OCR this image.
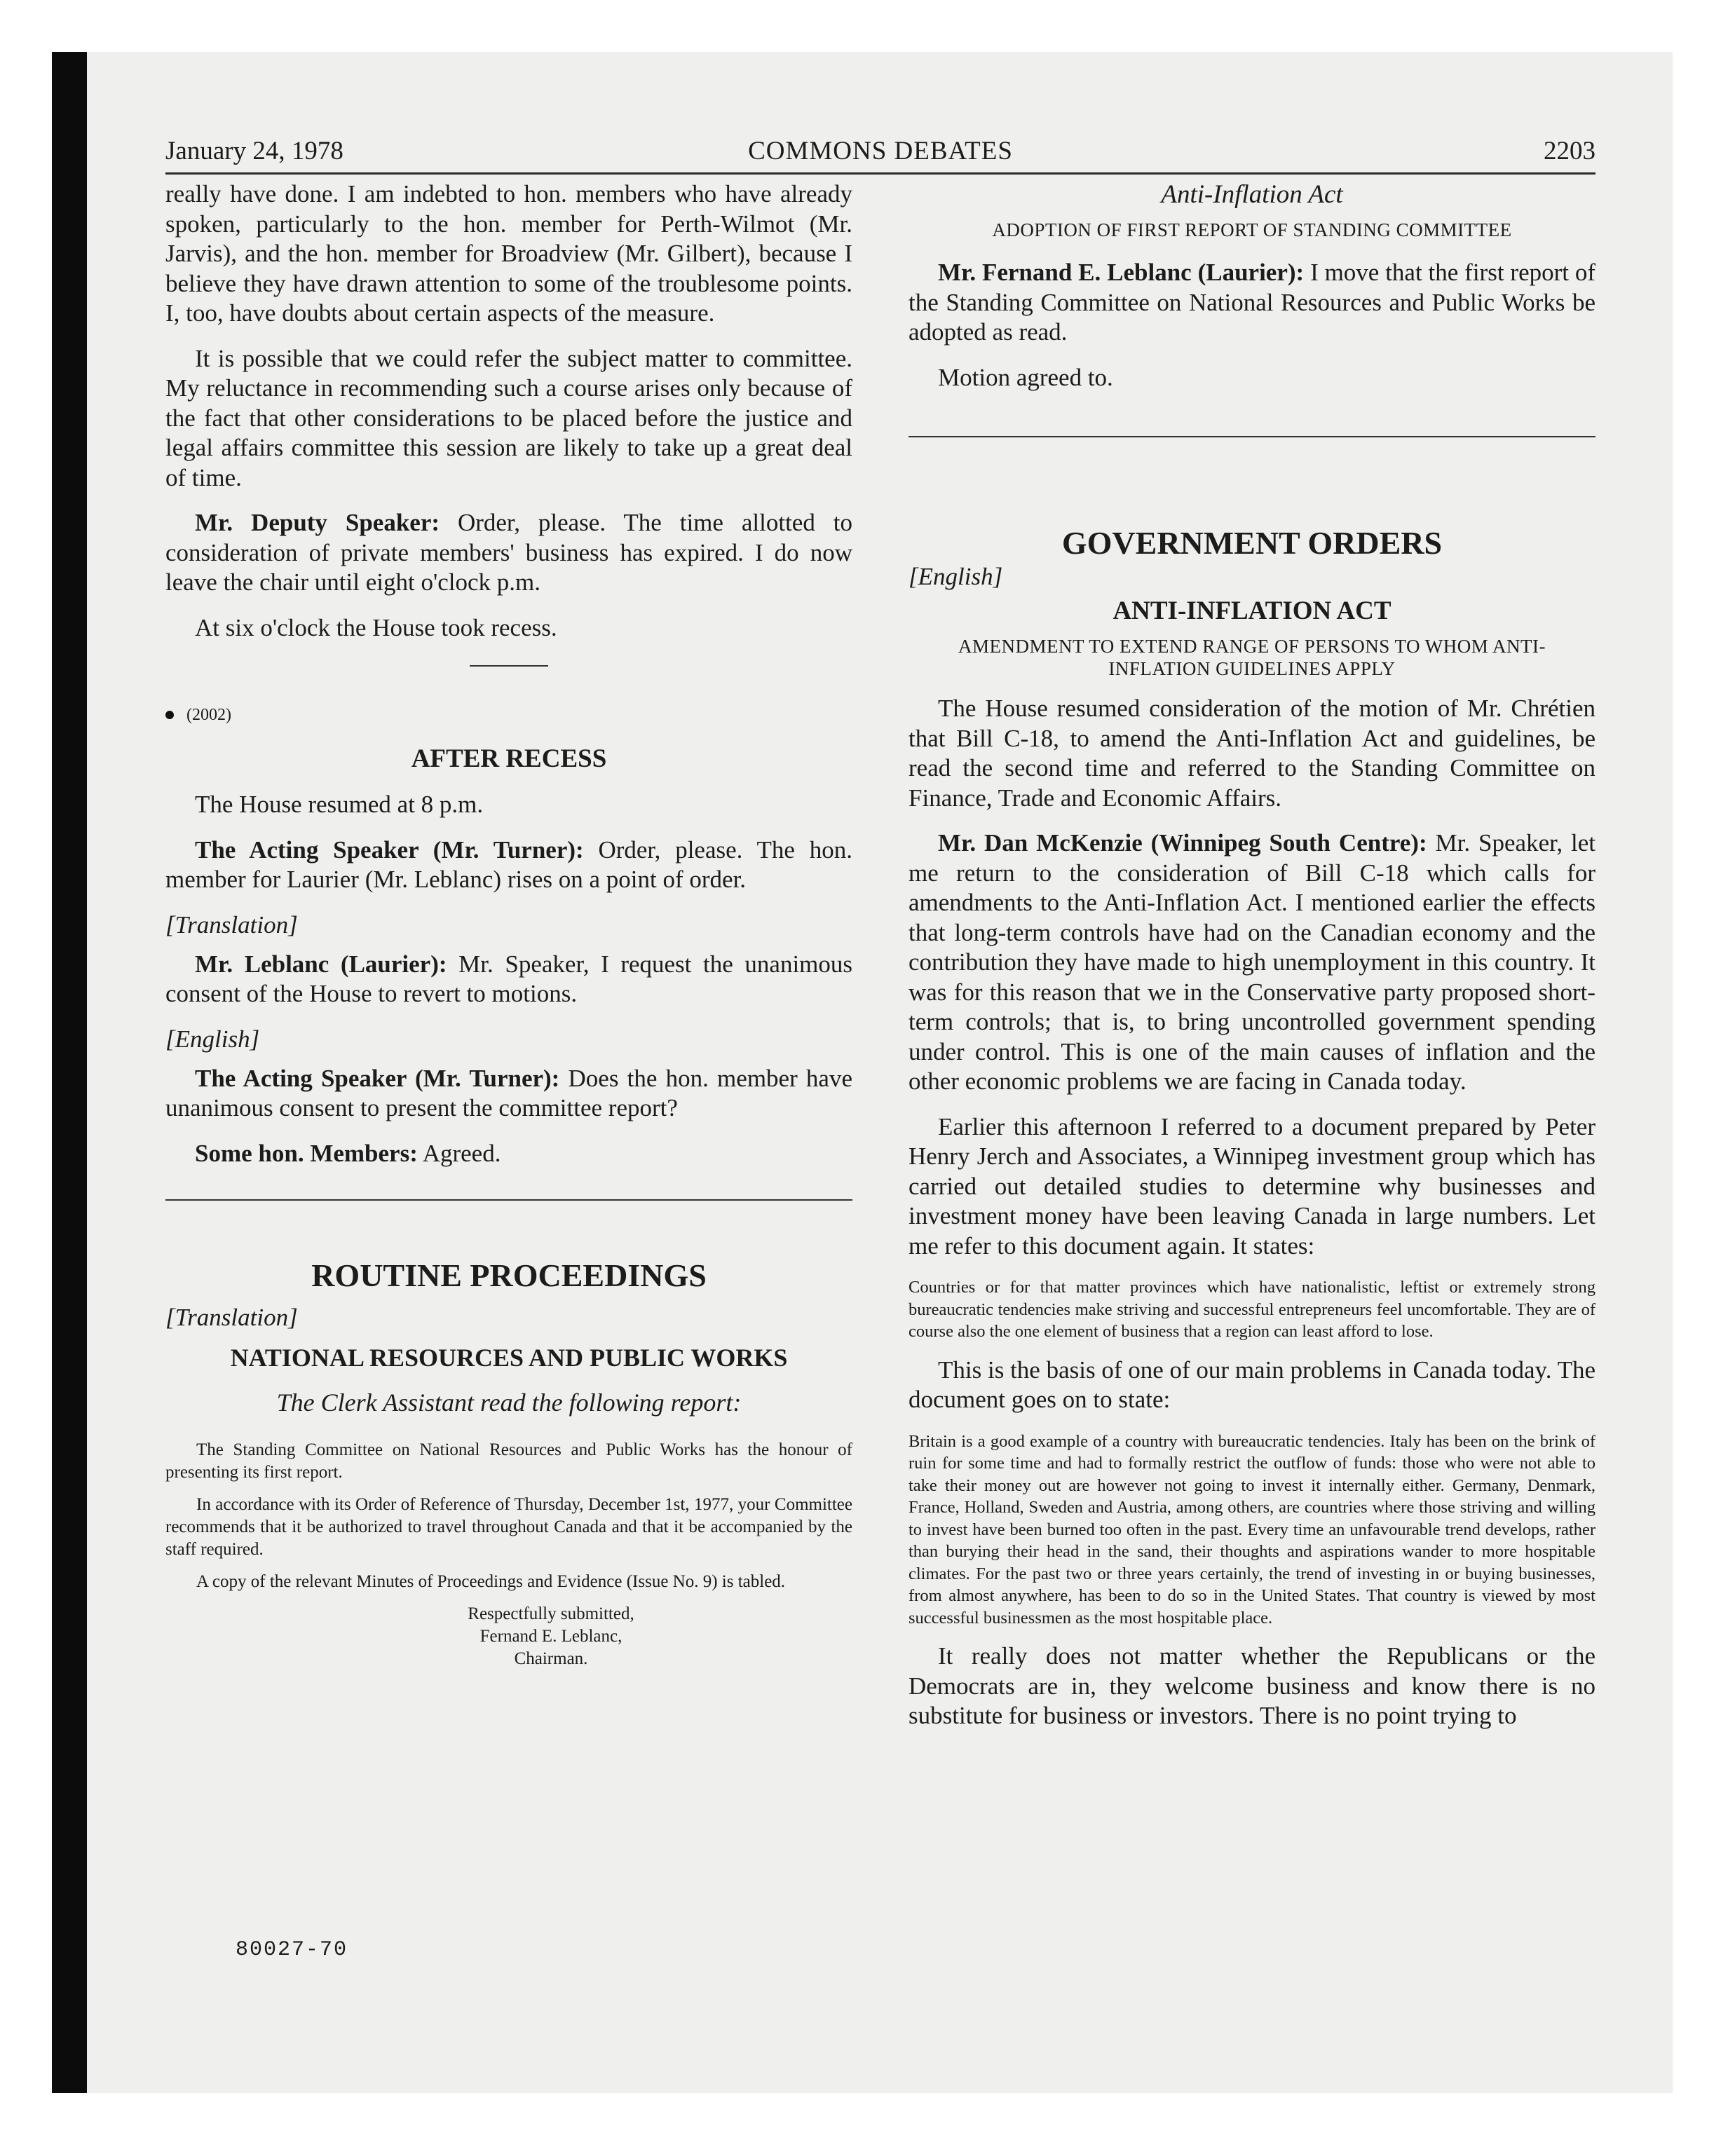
January 24, 1978	COMMONS DEBATES	2203

really have done. I am indebted to hon. members who have already spoken, particularly to the hon. member for Perth-Wilmot (Mr. Jarvis), and the hon. member for Broadview (Mr. Gilbert), because I believe they have drawn attention to some of the troublesome points. I, too, have doubts about certain aspects of the measure.

It is possible that we could refer the subject matter to committee. My reluctance in recommending such a course arises only because of the fact that other considerations to be placed before the justice and legal affairs committee this session are likely to take up a great deal of time.

Mr. Deputy Speaker: Order, please. The time allotted to consideration of private members' business has expired. I do now leave the chair until eight o'clock p.m.

At six o'clock the House took recess.

(2002)

AFTER RECESS

The House resumed at 8 p.m.

The Acting Speaker (Mr. Turner): Order, please. The hon. member for Laurier (Mr. Leblanc) rises on a point of order.

[Translation]

Mr. Leblanc (Laurier): Mr. Speaker, I request the unanimous consent of the House to revert to motions.

[English]

The Acting Speaker (Mr. Turner): Does the hon. member have unanimous consent to present the committee report?

Some hon. Members: Agreed.

ROUTINE PROCEEDINGS

[Translation]

NATIONAL RESOURCES AND PUBLIC WORKS

The Clerk Assistant read the following report:

The Standing Committee on National Resources and Public Works has the honour of presenting its first report.

In accordance with its Order of Reference of Thursday, December 1st, 1977, your Committee recommends that it be authorized to travel throughout Canada and that it be accompanied by the staff required.

A copy of the relevant Minutes of Proceedings and Evidence (Issue No. 9) is tabled.

Respectfully submitted,
Fernand E. Leblanc,
Chairman.

Anti-Inflation Act

ADOPTION OF FIRST REPORT OF STANDING COMMITTEE

Mr. Fernand E. Leblanc (Laurier): I move that the first report of the Standing Committee on National Resources and Public Works be adopted as read.

Motion agreed to.

GOVERNMENT ORDERS

[English]

ANTI-INFLATION ACT

AMENDMENT TO EXTEND RANGE OF PERSONS TO WHOM ANTI-INFLATION GUIDELINES APPLY

The House resumed consideration of the motion of Mr. Chrétien that Bill C-18, to amend the Anti-Inflation Act and guidelines, be read the second time and referred to the Standing Committee on Finance, Trade and Economic Affairs.

Mr. Dan McKenzie (Winnipeg South Centre): Mr. Speaker, let me return to the consideration of Bill C-18 which calls for amendments to the Anti-Inflation Act. I mentioned earlier the effects that long-term controls have had on the Canadian economy and the contribution they have made to high unemployment in this country. It was for this reason that we in the Conservative party proposed short-term controls; that is, to bring uncontrolled government spending under control. This is one of the main causes of inflation and the other economic problems we are facing in Canada today.

Earlier this afternoon I referred to a document prepared by Peter Henry Jerch and Associates, a Winnipeg investment group which has carried out detailed studies to determine why businesses and investment money have been leaving Canada in large numbers. Let me refer to this document again. It states:

Countries or for that matter provinces which have nationalistic, leftist or extremely strong bureaucratic tendencies make striving and successful entrepreneurs feel uncomfortable. They are of course also the one element of business that a region can least afford to lose.

This is the basis of one of our main problems in Canada today. The document goes on to state:

Britain is a good example of a country with bureaucratic tendencies. Italy has been on the brink of ruin for some time and had to formally restrict the outflow of funds: those who were not able to take their money out are however not going to invest it internally either. Germany, Denmark, France, Holland, Sweden and Austria, among others, are countries where those striving and willing to invest have been burned too often in the past. Every time an unfavourable trend develops, rather than burying their head in the sand, their thoughts and aspirations wander to more hospitable climates. For the past two or three years certainly, the trend of investing in or buying businesses, from almost anywhere, has been to do so in the United States. That country is viewed by most successful businessmen as the most hospitable place.

It really does not matter whether the Republicans or the Democrats are in, they welcome business and know there is no substitute for business or investors. There is no point trying to

80027-70
